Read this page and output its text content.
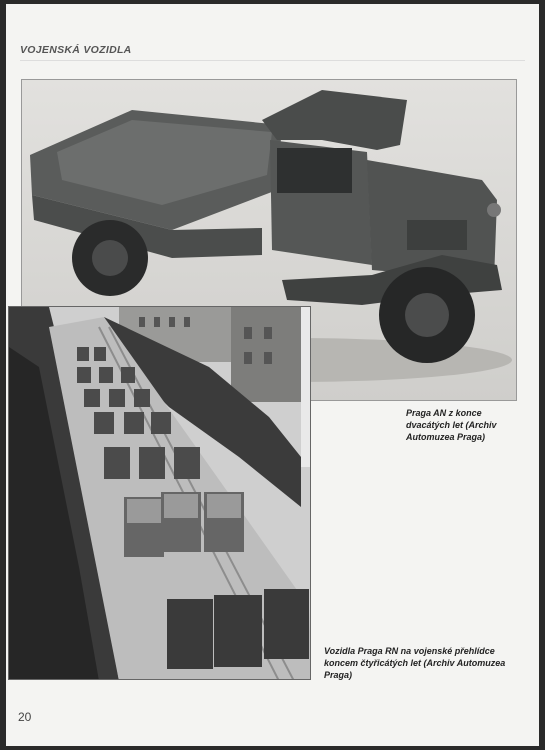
VOJENSKÁ VOZIDLA
Praga AN z konce dvacátých let (Archiv Automuzea Praga)
Vozidla Praga RN na vojenské přehlídce koncem čtyřicátých let (Archiv Automuzea Praga)
20
